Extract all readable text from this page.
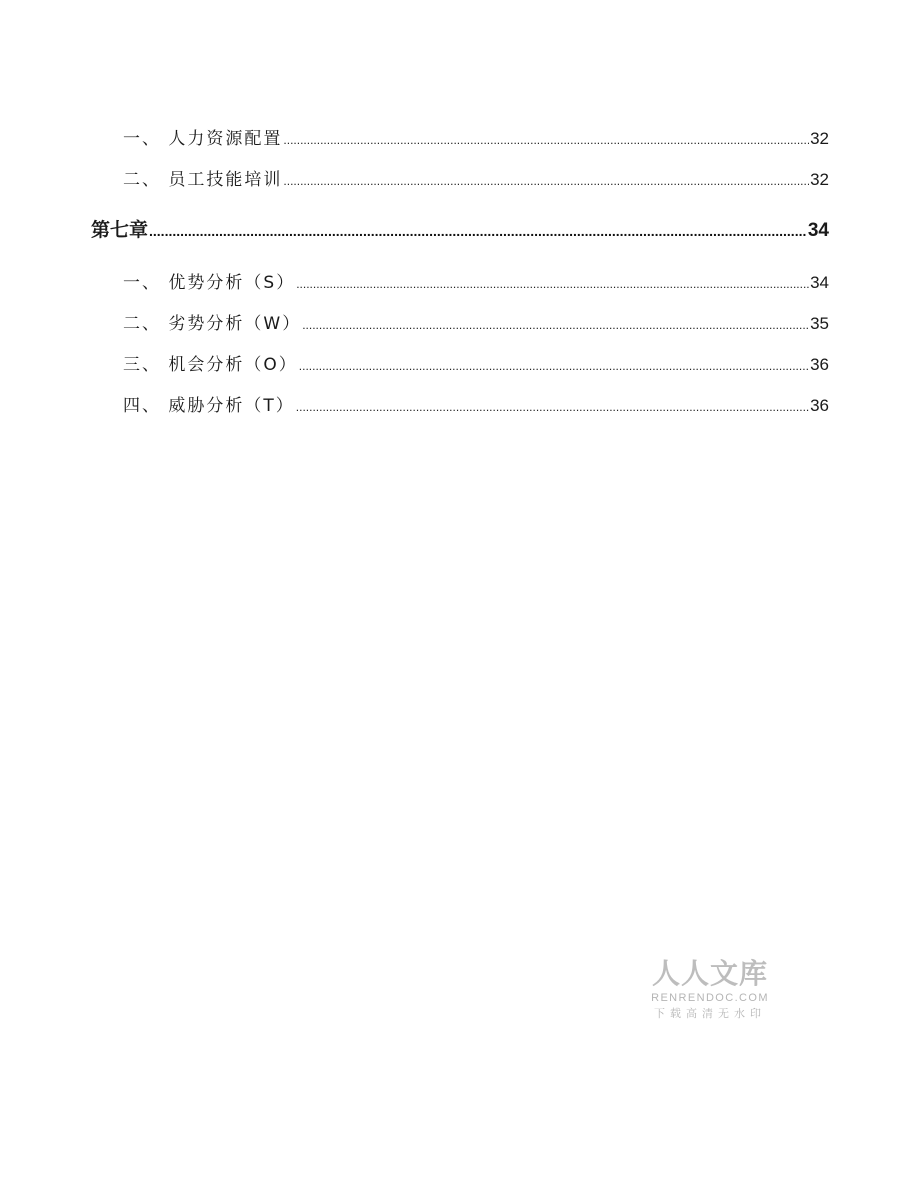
一、 人力资源配置 .....	32
二、 员工技能培训 .....	32
第七章 .....	34
一、 优势分析（S） .....	34
二、 劣势分析（W） .....	35
三、 机会分析（O） .....	36
四、 威胁分析（T） .....	36
人人文库
RENRENDOC.COM
下载高清无水印
